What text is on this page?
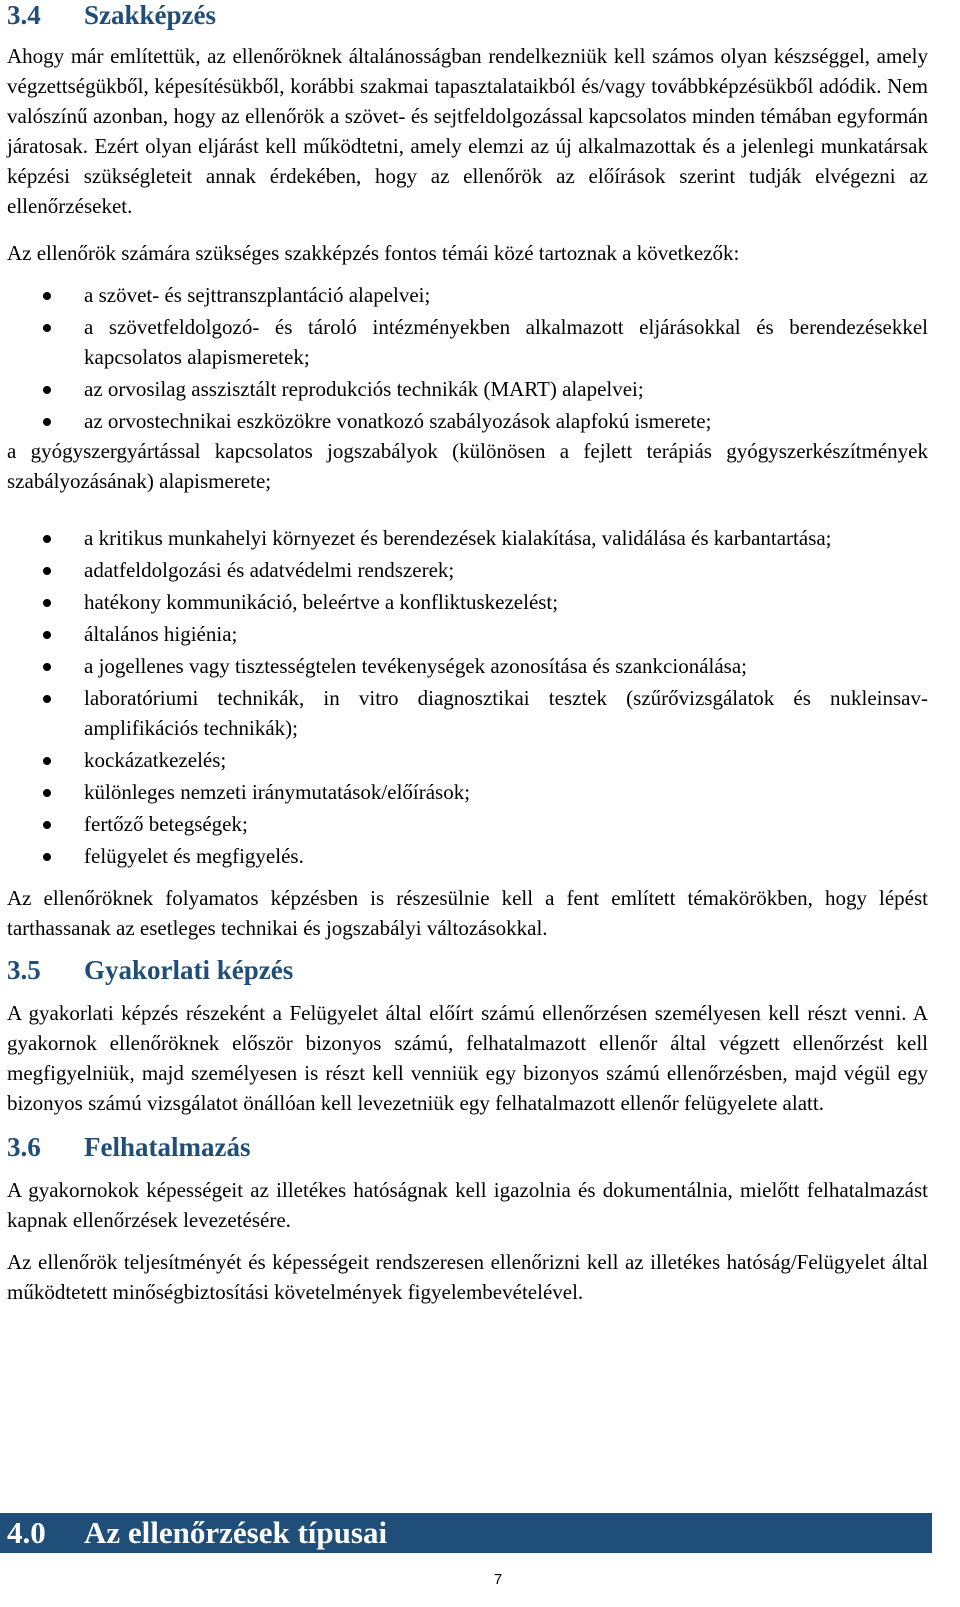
3.4	Szakképzés

Ahogy már említettük, az ellenőröknek általánosságban rendelkezniük kell számos olyan készséggel, amely végzettségükből, képesítésükből, korábbi szakmai tapasztalataikból és/vagy továbbképzésükből adódik. Nem valószínű azonban, hogy az ellenőrök a szövet- és sejtfeldolgozással kapcsolatos minden témában egyformán járatosak. Ezért olyan eljárást kell működtetni, amely elemzi az új alkalmazottak és a jelenlegi munkatársak képzési szükségleteit annak érdekében, hogy az ellenőrök az előírások szerint tudják elvégezni az ellenőrzéseket.

Az ellenőrök számára szükséges szakképzés fontos témái közé tartoznak a következők:

a szövet- és sejttranszplantáció alapelvei;
a szövetfeldolgozó- és tároló intézményekben alkalmazott eljárásokkal és berendezésekkel kapcsolatos alapismeretek;
az orvosilag asszisztált reprodukciós technikák (MART) alapelvei;
az orvostechnikai eszközökre vonatkozó szabályozások alapfokú ismerete;

a gyógyszergyártással kapcsolatos jogszabályok (különösen a fejlett terápiás gyógyszerkészítmények szabályozásának) alapismerete;

a kritikus munkahelyi környezet és berendezések kialakítása, validálása és karbantartása;
adatfeldolgozási és adatvédelmi rendszerek;
hatékony kommunikáció, beleértve a konfliktuskezelést;
általános higiénia;
a jogellenes vagy tisztességtelen tevékenységek azonosítása és szankcionálása;
laboratóriumi technikák, in vitro diagnosztikai tesztek (szűrővizsgálatok és nukleinsav-amplifikációs technikák);
kockázatkezelés;
különleges nemzeti iránymutatások/előírások;
fertőző betegségek;
felügyelet és megfigyelés.

Az ellenőröknek folyamatos képzésben is részesülnie kell a fent említett témakörökben, hogy lépést tarthassanak az esetleges technikai és jogszabályi változásokkal.

3.5	Gyakorlati képzés

A gyakorlati képzés részeként a Felügyelet által előírt számú ellenőrzésen személyesen kell részt venni. A gyakornok ellenőröknek először bizonyos számú, felhatalmazott ellenőr által végzett ellenőrzést kell megfigyelniük, majd személyesen is részt kell venniük egy bizonyos számú ellenőrzésben, majd végül egy bizonyos számú vizsgálatot önállóan kell levezetniük egy felhatalmazott ellenőr felügyelete alatt.

3.6	Felhatalmazás

A gyakornokok képességeit az illetékes hatóságnak kell igazolnia és dokumentálnia, mielőtt felhatalmazást kapnak ellenőrzések levezetésére.

Az ellenőrök teljesítményét és képességeit rendszeresen ellenőrizni kell az illetékes hatóság/Felügyelet által működtetett minőségbiztosítási követelmények figyelembevételével.

4.0	Az ellenőrzések típusai
7
